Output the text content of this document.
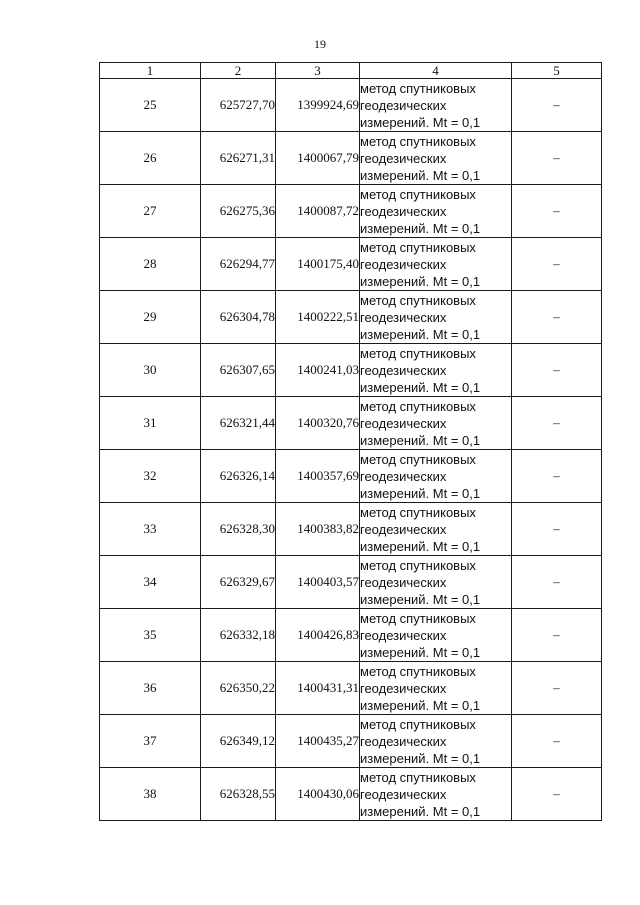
19
1	2	3	4	5
25	625727,70	1399924,69	метод спутниковых
геодезических
измерений. Mt = 0,1	–
26	626271,31	1400067,79	метод спутниковых
геодезических
измерений. Mt = 0,1	–
27	626275,36	1400087,72	метод спутниковых
геодезических
измерений. Mt = 0,1	–
28	626294,77	1400175,40	метод спутниковых
геодезических
измерений. Mt = 0,1	–
29	626304,78	1400222,51	метод спутниковых
геодезических
измерений. Mt = 0,1	–
30	626307,65	1400241,03	метод спутниковых
геодезических
измерений. Mt = 0,1	–
31	626321,44	1400320,76	метод спутниковых
геодезических
измерений. Mt = 0,1	–
32	626326,14	1400357,69	метод спутниковых
геодезических
измерений. Mt = 0,1	–
33	626328,30	1400383,82	метод спутниковых
геодезических
измерений. Mt = 0,1	–
34	626329,67	1400403,57	метод спутниковых
геодезических
измерений. Mt = 0,1	–
35	626332,18	1400426,83	метод спутниковых
геодезических
измерений. Mt = 0,1	–
36	626350,22	1400431,31	метод спутниковых
геодезических
измерений. Mt = 0,1	–
37	626349,12	1400435,27	метод спутниковых
геодезических
измерений. Mt = 0,1	–
38	626328,55	1400430,06	метод спутниковых
геодезических
измерений. Mt = 0,1	–
